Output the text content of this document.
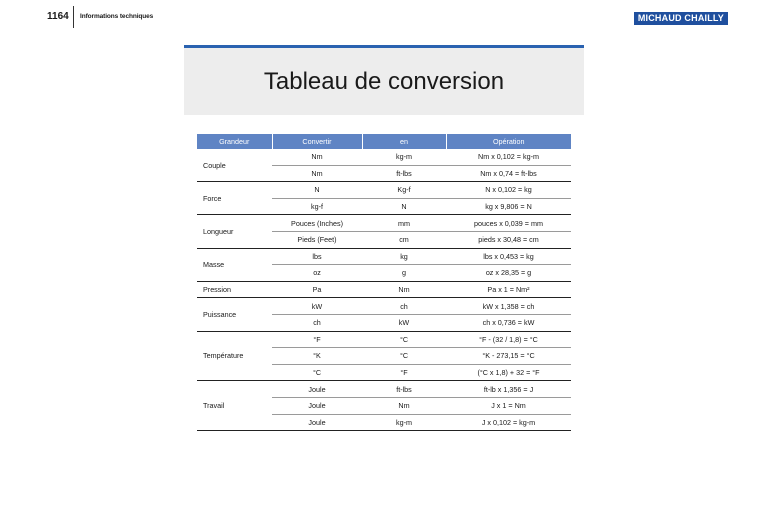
1164 Informations techniques	MICHAUD CHAILLY
Tableau de conversion
Grandeur	Convertir	en	Opération
Couple	Nm	kg-m	Nm x 0,102 = kg-m
	Nm	ft-lbs	Nm x 0,74 = ft-lbs
Force	N	Kg-f	N x 0,102 = kg
	kg-f	N	kg x 9,806 = N
Longueur	Pouces (Inches)	mm	pouces x 0,039 = mm
	Pieds (Feet)	cm	pieds x 30,48 = cm
Masse	lbs	kg	lbs x 0,453 = kg
	oz	g	oz x 28,35 = g
Pression	Pa	Nm	Pa x 1 = Nm²
Puissance	kW	ch	kW x 1,358 = ch
	ch	kW	ch x 0,736 = kW
Température	°F	°C	°F - (32 / 1,8) = °C
	°K	°C	°K - 273,15 = °C
	°C	°F	(°C x 1,8) + 32 = °F
Travail	Joule	ft-lbs	ft-lb x 1,356 = J
	Joule	Nm	J x 1 = Nm
	Joule	kg-m	J x 0,102 = kg-m
